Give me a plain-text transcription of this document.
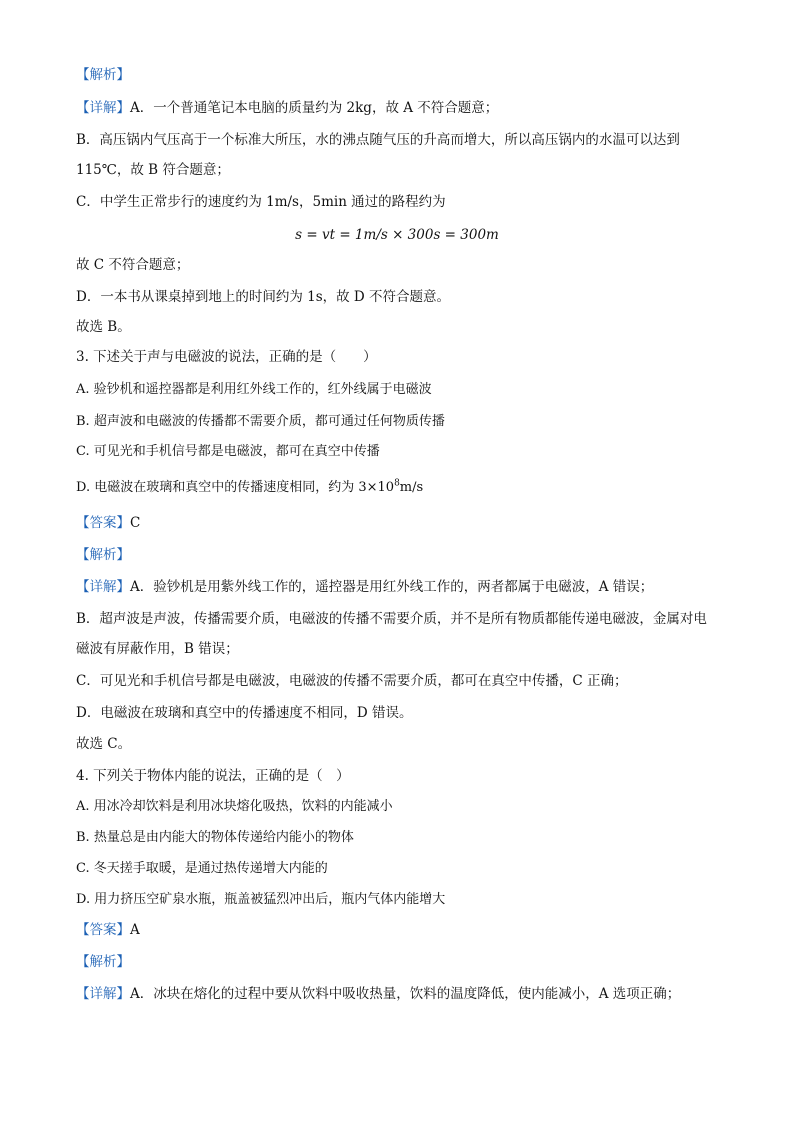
【解析】
【详解】A．一个普通笔记本电脑的质量约为 2kg，故 A 不符合题意；
B．高压锅内气压高于一个标准大所压，水的沸点随气压的升高而增大，所以高压锅内的水温可以达到
115℃，故 B 符合题意；
C．中学生正常步行的速度约为 1m/s，5min 通过的路程约为
s = vt = 1m/s × 300s = 300m
故 C 不符合题意；
D．一本书从课桌掉到地上的时间约为 1s，故 D 不符合题意。
故选 B。
3. 下述关于声与电磁波的说法，正确的是（　　）
A. 验钞机和遥控器都是利用红外线工作的，红外线属于电磁波
B. 超声波和电磁波的传播都不需要介质，都可通过任何物质传播
C. 可见光和手机信号都是电磁波，都可在真空中传播
D. 电磁波在玻璃和真空中的传播速度相同，约为 $3\times 10^8m/s$
【答案】C
【解析】
【详解】A．验钞机是用紫外线工作的，遥控器是用红外线工作的，两者都属于电磁波，A 错误；
B．超声波是声波，传播需要介质，电磁波的传播不需要介质，并不是所有物质都能传递电磁波，金属对电
磁波有屏蔽作用，B 错误；
C．可见光和手机信号都是电磁波，电磁波的传播不需要介质，都可在真空中传播，C 正确；
D．电磁波在玻璃和真空中的传播速度不相同，D 错误。
故选 C。
4. 下列关于物体内能的说法，正确的是（　）
A. 用冰冷却饮料是利用冰块熔化吸热，饮料的内能减小
B. 热量总是由内能大的物体传递给内能小的物体
C. 冬天搓手取暖，是通过热传递增大内能的
D. 用力挤压空矿泉水瓶，瓶盖被猛烈冲出后，瓶内气体内能增大
【答案】A
【解析】
【详解】A．冰块在熔化的过程中要从饮料中吸收热量，饮料的温度降低，使内能减小，A 选项正确；
